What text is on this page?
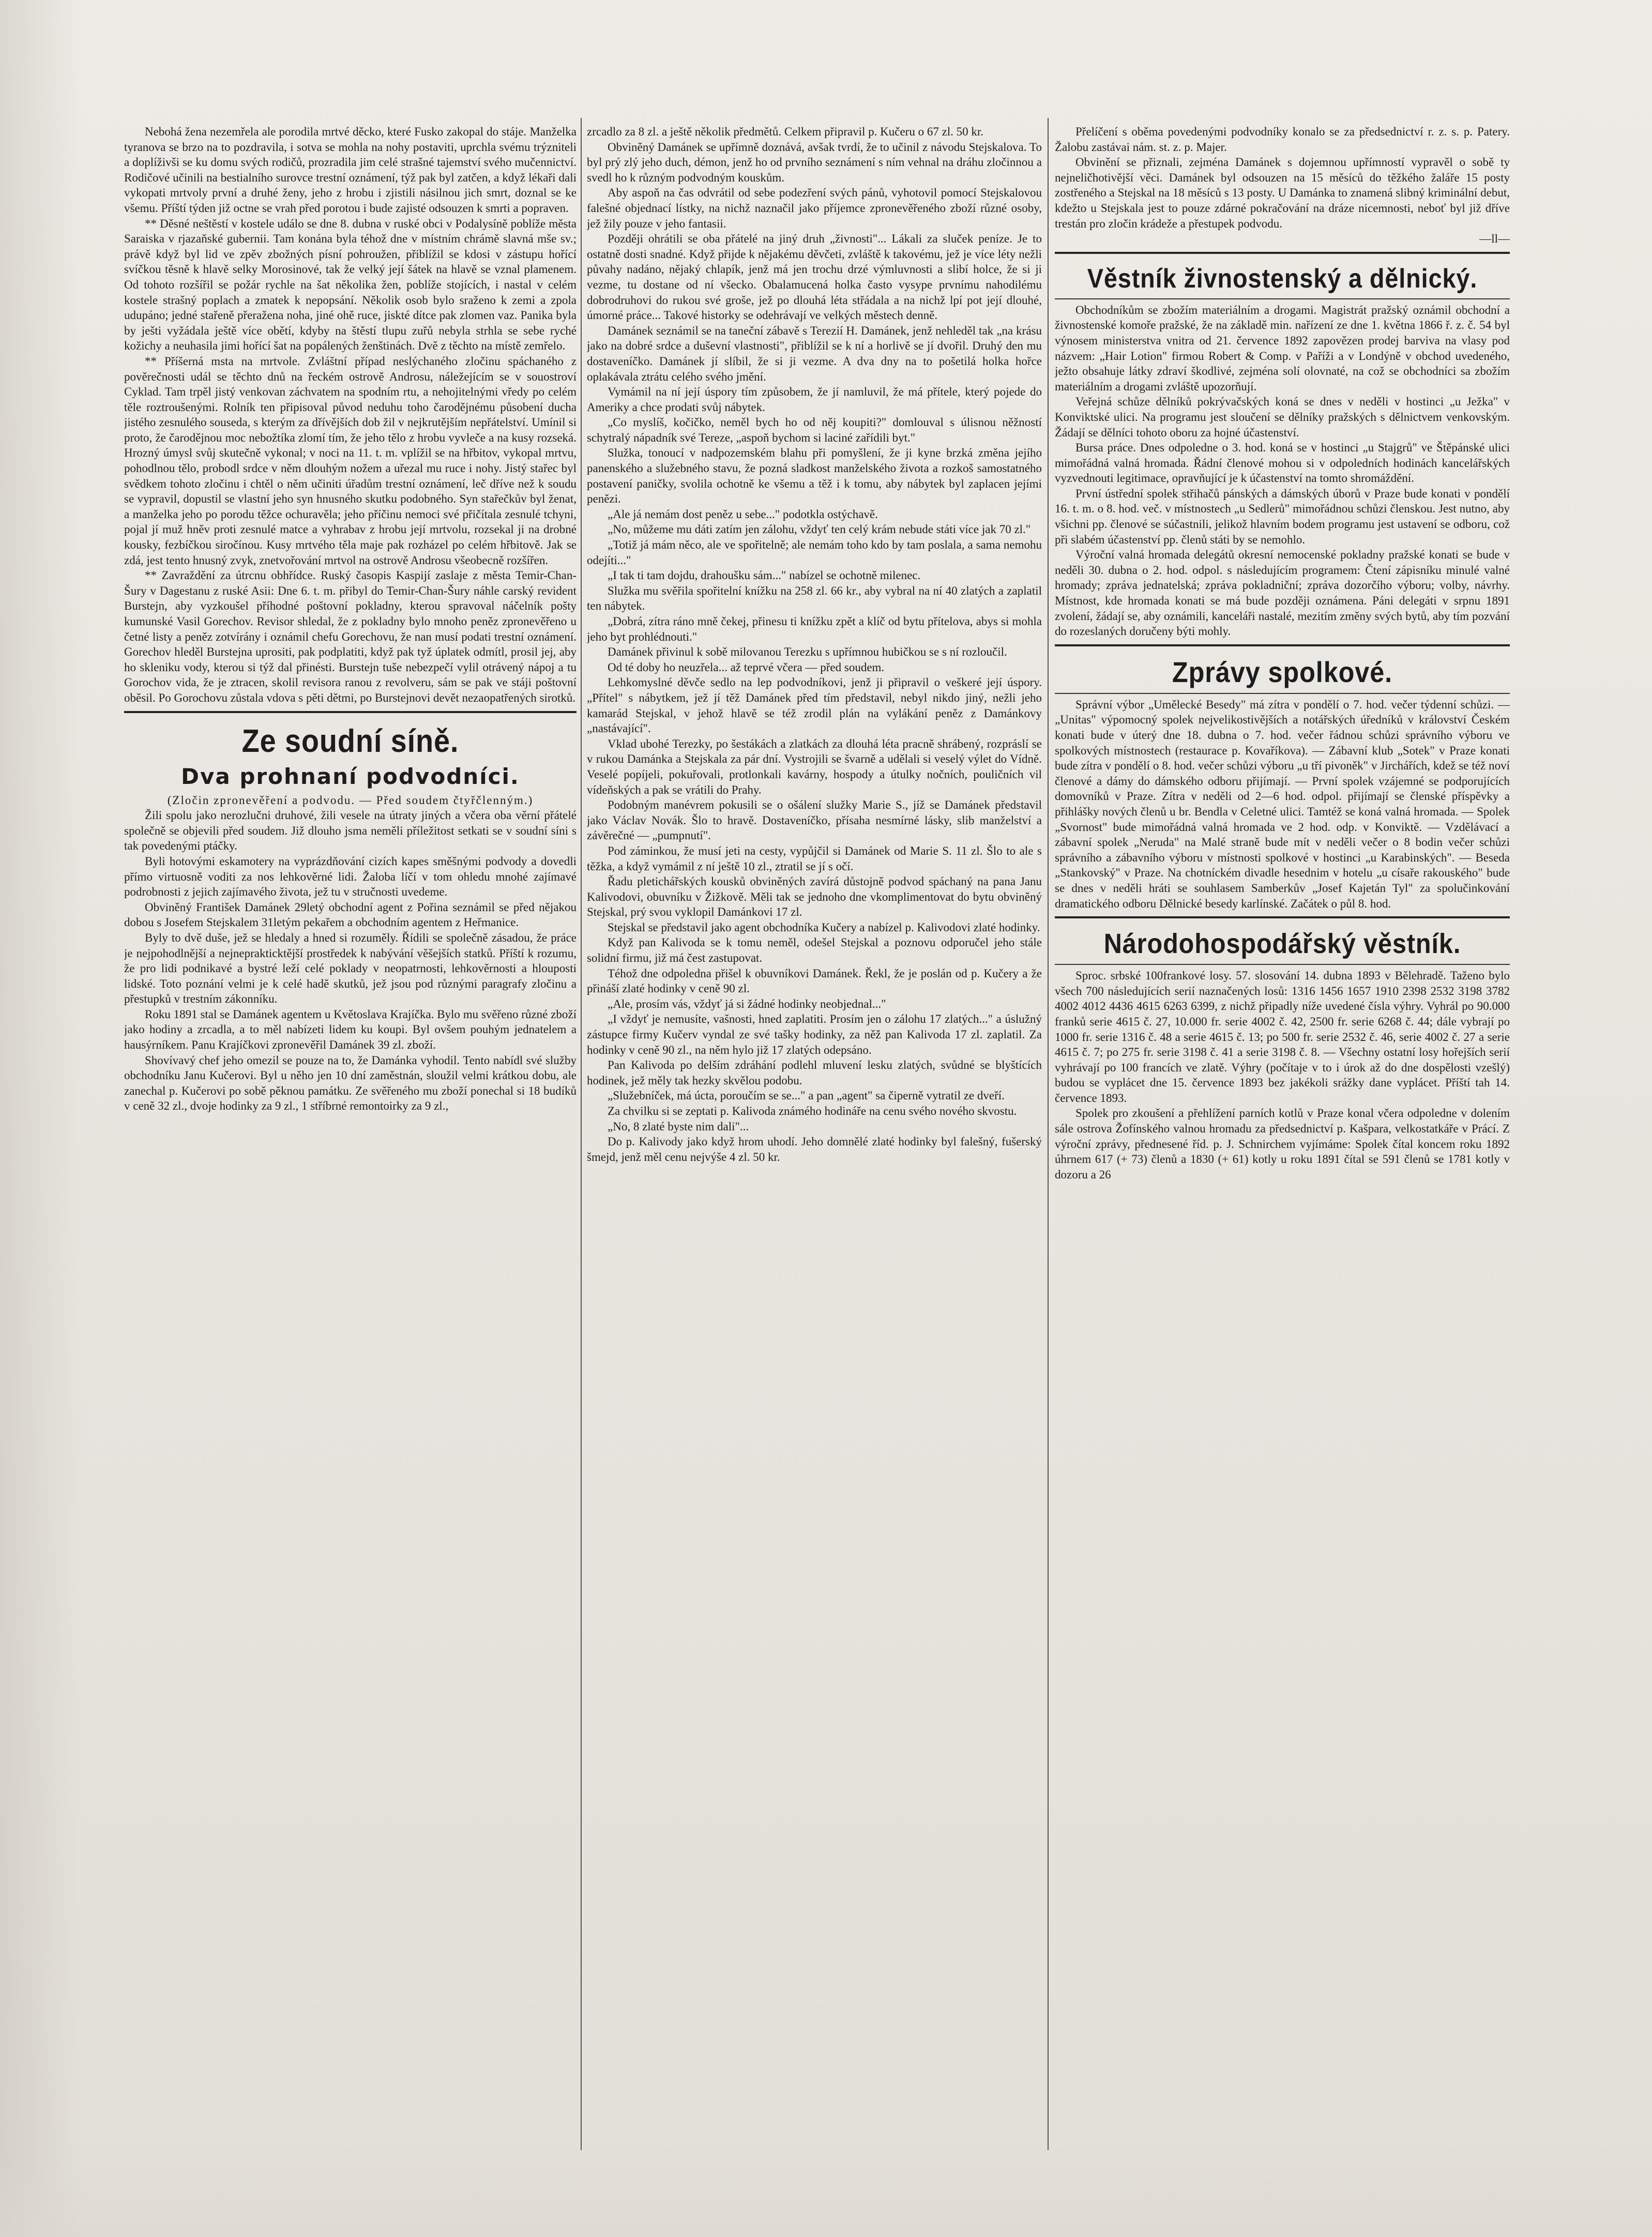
Nebohá žena nezemřela ale porodila mrtvé děcko, které Fusko zakopal do stáje. Manželka tyranova se brzo na to pozdravila, i sotva se mohla na nohy postaviti, uprchla svému trýzniteli a doplíživši se ku domu svých rodičů, prozradila jim celé strašné tajemství svého mučennictví. Rodičové učinili na bestialního surovce trestní oznámení, týž pak byl zatčen, a když lékaři dali vykopati mrtvoly první a druhé ženy, jeho z hrobu i zjistili násilnou jich smrt, doznal se ke všemu. Příští týden již octne se vrah před porotou i bude zajisté odsouzen k smrti a popraven.

** Děsné neštěstí v kostele událo se dne 8. dubna v ruské obci v Podalysíně poblíže města Saraiska v rjazaňské gubernii. Tam konána byla téhož dne v místním chrámě slavná mše sv.; právě když byl lid ve zpěv zbožných písní pohroužen, přiblížil se kdosi v zástupu hořící svíčkou těsně k hlavě selky Morosinové, tak že velký její šátek na hlavě se vznal plamenem. Od tohoto rozšířil se požár rychle na šat několika žen, poblíže stojících, i nastal v celém kostele strašný poplach a zmatek k nepopsání. Několik osob bylo sraženo k zemi a zpola udupáno; jedné stařeně přeražena noha, jiné ohě ruce, jiskté dítce pak zlomen vaz. Panika byla by ješti vyžádala ještě více obětí, kdyby na štěstí tlupu zuřů nebyla strhla se sebe ryché kožichy a neuhasila jimi hořící šat na popálených ženštinách. Dvě z těchto na místě zemřelo.

** Příšerná msta na mrtvole. Zvláštní případ neslýchaného zločinu spáchaného z pověrečnosti udál se těchto dnů na řeckém ostrově Androsu, náležejícím se v souostroví Cyklad. Tam trpěl jistý venkovan záchvatem na spodním rtu, a nehojitelnými vředy po celém těle roztroušenými. Rolník ten připisoval původ neduhu toho čarodějnému působení ducha jistého zesnulého souseda, s kterým za dřívějších dob žil v nejkrutějším nepřátelství. Umínil si proto, že čarodějnou moc nebožtíka zlomí tím, že jeho tělo z hrobu vyvleče a na kusy rozseká. Hrozný úmysl svůj skutečně vykonal; v noci na 11. t. m. vplížil se na hřbitov, vykopal mrtvu, pohodlnou tělo, probodl srdce v něm dlouhým nožem a uřezal mu ruce i nohy. Jistý stařec byl svědkem tohoto zločinu i chtěl o něm učiniti úřadům trestní oznámení, leč dříve než k soudu se vypravil, dopustil se vlastní jeho syn hnusného skutku podobného. Syn stařečkův byl ženat, a manželka jeho po porodu těžce ochuravěla; jeho příčinu nemoci své přičítala zesnulé tchyni, pojal jí muž hněv proti zesnulé matce a vyhrabav z hrobu její mrtvolu, rozsekal ji na drobné kousky, fezbíčkou siročínou. Kusy mrtvého těla maje pak rozházel po celém hřbitově. Jak se zdá, jest tento hnusný zvyk, znetvořování mrtvol na ostrově Androsu všeobecně rozšířen.

** Zavraždění za útrcnu obhřídce. Ruský časopis Kaspijí zaslaje z města Temir-Chan-Šury v Dagestanu z ruské Asii: Dne 6. t. m. přibyl do Temir-Chan-Šury náhle carský revident Burstejn, aby vyzkoušel příhodné poštovní pokladny, kterou spravoval náčelník pošty kumunské Vasil Gorechov. Revisor shledal, že z pokladny bylo mnoho peněz zpronevěřeno u četné listy a peněz zotvírány i oznámil chefu Gorechovu, že nan musí podati trestní oznámení. Gorechov hleděl Burstejna uprositi, pak podplatiti, když pak tyž úplatek odmítl, prosil jej, aby ho skleniku vody, kterou si týž dal přinésti. Burstejn tuše nebezpečí vylil otrávený nápoj a tu Gorochov vida, že je ztracen, skolil revisora ranou z revolveru, sám se pak ve stáji poštovní oběsil. Po Gorochovu zůstala vdova s pěti dětmi, po Burstejnovi devět nezaopatřených sirotků.

Ze soudní síně.
Dva prohnaní podvodníci.
(Zločin zpronevěření a podvodu. — Před soudem čtyřčlenným.)

Žili spolu jako nerozlučni druhové, žili vesele na útraty jiných a včera oba věrní přátelé společně se objevili před soudem. Již dlouho jsma neměli příležitost setkati se v soudní síni s tak povedenými ptáčky.

Byli hotovými eskamotery na vyprázdňování cizích kapes směšnými podvody a dovedli přímo virtuosně voditi za nos lehkověrné lidi. Žaloba líčí v tom ohledu mnohé zajímavé podrobnosti z jejich zajímavého života, jež tu v stručnosti uvedeme.

Obviněný František Damánek 29letý obchodní agent z Pořina seznámil se před nějakou dobou s Josefem Stejskalem 31letým pekařem a obchodním agentem z Heřmanice.

Byly to dvě duše, jež se hledaly a hned si rozuměly. Řídili se společně zásadou, že práce je nejpohodlnější a nejneprakticktější prostředek k nabývání věšejších statků. Příští k rozumu, že pro lidi podnikavé a bystré leží celé poklady v neopatrnosti, lehkověrnosti a hlouposti lidské. Toto poznání velmi je k celé hadě skutků, jež jsou pod různými paragrafy zločinu a přestupků v trestním zákonníku.

Roku 1891 stal se Damánek agentem u Květoslava Krajíčka. Bylo mu svěřeno různé zboží jako hodiny a zrcadla, a to měl nabízeti lidem ku koupi. Byl ovšem pouhým jednatelem a hausýrníkem. Panu Krajíčkovi zpronevěřil Damánek 39 zl. zboží.

Shovívavý chef jeho omezil se pouze na to, že Damánka vyhodil. Tento nabídl své služby obchodníku Janu Kučerovi. Byl u něho jen 10 dní zaměstnán, sloužil velmi krátkou dobu, ale zanechal p. Kučerovi po sobě pěknou památku. Ze svěřeného mu zboží ponechal si 18 budíků v ceně 32 zl., dvoje hodinky za 9 zl., 1 stříbrné remontoirky za 9 zl.,

zrcadlo za 8 zl. a ještě několik předmětů. Celkem připravil p. Kučeru o 67 zl. 50 kr.

Obviněný Damánek se upřímně doznává, avšak tvrdí, že to učinil z návodu Stejskalova. To byl prý zlý jeho duch, démon, jenž ho od prvního seznámení s ním vehnal na dráhu zločinnou a svedl ho k různým podvodným kouskům.

Aby aspoň na čas odvrátil od sebe podezření svých pánů, vyhotovil pomocí Stejskalovou falešné objednací lístky, na nichž naznačil jako příjemce zpronevěřeného zboží různé osoby, jež žily pouze v jeho fantasii.

Později ohrátili se oba přátelé na jiný druh „živnosti"... Lákali za sluček peníze. Je to ostatně dosti snadné. Když přijde k nějakému děvčeti, zvláště k takovému, jež je více léty nežli půvahy nadáno, nějaký chlapík, jenž má jen trochu drzé výmluvnosti a slibí holce, že si ji vezme, tu dostane od ní všecko. Obalamucená holka často vysype prvnímu nahodilému dobrodruhovi do rukou své groše, jež po dlouhá léta střádala a na nichž lpí pot její dlouhé, úmorné práce... Takové historky se odehrávají ve velkých městech denně.

Damánek seznámil se na taneční zábavě s Terezií H. Damánek, jenž nehleděl tak „na krásu jako na dobré srdce a duševní vlastnosti", přiblížil se k ní a horlivě se jí dvořil. Druhý den mu dostaveníčko. Damánek jí slíbil, že si ji vezme. A dva dny na to pošetilá holka hořce oplakávala ztrátu celého svého jmění.

Vymámil na ní její úspory tím způsobem, že jí namluvil, že má přítele, který pojede do Ameriky a chce prodati svůj nábytek.

„Co myslíš, kočičko, neměl bych ho od něj koupiti?" domlouval s úlisnou něžností schytralý nápadník své Tereze, „aspoň bychom si laciné zařídili byt."

Služka, tonoucí v nadpozemském blahu při pomyšlení, že ji kyne brzká změna jejího panenského a služebného stavu, že pozná sladkost manželského života a rozkoš samostatného postavení paničky, svolila ochotně ke všemu a těž i k tomu, aby nábytek byl zaplacen jejími penězi.

„Ale já nemám dost peněz u sebe..." podotkla ostýchavě.

„No, můžeme mu dáti zatím jen zálohu, vždyť ten celý krám nebude státi více jak 70 zl."

„Totiž já mám něco, ale ve spořitelně; ale nemám toho kdo by tam poslala, a sama nemohu odejíti..."

„I tak ti tam dojdu, drahoušku sám..." nabízel se ochotně milenec.

Služka mu svěřila spořitelní knížku na 258 zl. 66 kr., aby vybral na ní 40 zlatých a zaplatil ten nábytek.

„Dobrá, zítra ráno mně čekej, přinesu ti knížku zpět a klíč od bytu přítelova, abys si mohla jeho byt prohlédnouti."

Damánek přivinul k sobě milovanou Terezku s upřímnou hubičkou se s ní rozloučil.

Od té doby ho neuzřela... až teprvé včera — před soudem.

Lehkomyslné děvče sedlo na lep podvodníkovi, jenž ji připravil o veškeré její úspory. „Přítel" s nábytkem, jež jí těž Damánek před tím představil, nebyl nikdo jiný, nežli jeho kamarád Stejskal, v jehož hlavě se též zrodil plán na vylákání peněz z Damánkovy „nastávající".

Vklad ubohé Terezky, po šestákách a zlatkách za dlouhá léta pracně shrábený, rozpráslí se v rukou Damánka a Stejskala za pár dní. Vystrojili se švarně a udělali si veselý výlet do Vídně. Veselé popíjeli, pokuřovali, protlonkali kavárny, hospody a útulky nočních, pouličních vil vídeňských a pak se vrátili do Prahy.

Podobným manévrem pokusili se o ošálení služky Marie S., jíž se Damánek představil jako Václav Novák. Šlo to hravě. Dostaveníčko, přísaha nesmírné lásky, slib manželství a závěrečné — „pumpnutí".

Pod záminkou, že musí jeti na cesty, vypůjčil si Damánek od Marie S. 11 zl. Šlo to ale s těžka, a když vymámil z ní ještě 10 zl., ztratil se jí s očí.

Řadu pletichářských kousků obviněných zavírá důstojně podvod spáchaný na pana Janu Kalivodovi, obuvníku v Žižkově. Měli tak se jednoho dne vkomplimentovat do bytu obviněný Stejskal, prý svou vyklopil Damánkovi 17 zl.

Stejskal se představil jako agent obchodníka Kučery a nabízel p. Kalivodovi zlaté hodinky.

Když pan Kalivoda se k tomu neměl, odešel Stejskal a poznovu odporučel jeho stále solidní firmu, již má čest zastupovat.

Téhož dne odpoledna přišel k obuvníkovi Damánek. Řekl, že je poslán od p. Kučery a že přináší zlaté hodinky v ceně 90 zl.

„Ale, prosím vás, vždyť já si žádné hodinky neobjednal..."

„I vždyť je nemusíte, vašnosti, hned zaplatiti. Prosím jen o zálohu 17 zlatých..." a úslužný zástupce firmy Kučerv vyndal ze své tašky hodinky, za něž pan Kalivoda 17 zl. zaplatil. Za hodinky v ceně 90 zl., na něm hylo již 17 zlatých odepsáno.

Pan Kalivoda po delším zdráhání podlehl mluvení lesku zlatých, svůdné se blyštících hodinek, jež měly tak hezky skvělou podobu.

„Služebníček, má úcta, poroučím se se..." a pan „agent" sa čiperně vytratil ze dveří.

Za chvilku si se zeptati p. Kalivoda známého hodináře na cenu svého nového skvostu.

„No, 8 zlaté byste nim dali"...

Do p. Kalivody jako když hrom uhodí. Jeho domnělé zlaté hodinky byl falešný, fušerský šmejd, jenž měl cenu nejvýše 4 zl. 50 kr.

Přelíčení s oběma povedenými podvodníky konalo se za předsednictví r. z. s. p. Patery. Žalobu zastávai nám. st. z. p. Majer.

Obvinění se přiznali, zejména Damánek s dojemnou upřímností vypravěl o sobě ty nejneličhotivější věci. Damánek byl odsouzen na 15 měsíců do těžkého žaláře 15 posty zostřeného a Stejskal na 18 měsíců s 13 posty. U Damánka to znamená slibný kriminální debut, kdežto u Stejskala jest to pouze zdárné pokračování na dráze nicemnosti, neboť byl již dříve trestán pro zločin krádeže a přestupek podvodu.

—ll—
Věstník živnostenský a dělnický.

Obchodníkům se zbožím materiálním a drogami. Magistrát pražský oznámil obchodní a živnostenské komoře pražské, že na základě min. nařízení ze dne 1. května 1866 ř. z. č. 54 byl výnosem ministerstva vnitra od 21. července 1892 zapovězen prodej barviva na vlasy pod názvem: „Hair Lotion" firmou Robert & Comp. v Paříži a v Londýně v obchod uvedeného, ježto obsahuje látky zdraví škodlivé, zejména solí olovnaté, na což se obchodníci sa zbožím materiálním a drogami zvláště upozorňují.

Veřejná schůze dělníků pokrývačských koná se dnes v neděli v hostinci „u Ježka" v Konviktské ulici. Na programu jest sloučení se dělníky pražských s dělnictvem venkovským. Žádají se dělníci tohoto oboru za hojné účastenství.

Bursa práce. Dnes odpoledne o 3. hod. koná se v hostinci „u Stajgrů" ve Štěpánské ulici mimořádná valná hromada. Řádní členové mohou si v odpoledních hodinách kancelářských vyzvednouti legitimace, opravňující je k účastenství na tomto shromáždění.

První ústřední spolek střihačů pánských a dámských úborů v Praze bude konati v pondělí 16. t. m. o 8. hod. več. v místnostech „u Sedlerů" mimořádnou schůzi členskou. Jest nutno, aby všichni pp. členové se súčastnili, jelikož hlavním bodem programu jest ustavení se odboru, což při slabém účastenství pp. členů státi by se nemohlo.

Výroční valná hromada delegátů okresní nemocenské pokladny pražské konati se bude v neděli 30. dubna o 2. hod. odpol. s následujícím programem: Čtení zápisníku minulé valné hromady; zpráva jednatelská; zpráva pokladniční; zpráva dozorčího výboru; volby, návrhy. Místnost, kde hromada konati se má bude později oznámena. Páni delegáti v srpnu 1891 zvolení, žádají se, aby oznámili, kanceláři nastalé, mezitím změny svých bytů, aby tím pozvání do rozeslaných doručeny býti mohly.

Zprávy spolkové.

Správní výbor „Umělecké Besedy" má zítra v pondělí o 7. hod. večer týdenní schůzi. — „Unitas" výpomocný spolek nejvelikostivějších a notářských úředníků v království Českém konati bude v úterý dne 18. dubna o 7. hod. večer řádnou schůzi správního výboru ve spolkových místnostech (restaurace p. Kovaříkova). — Zábavní klub „Sotek" v Praze konati bude zítra v pondělí o 8. hod. večer schůzi výboru „u tří pivoněk" v Jirchářích, kdež se též noví členové a dámy do dámského odboru přijímají. — První spolek vzájemné se podporujících domovníků v Praze. Zítra v neděli od 2—6 hod. odpol. přijímají se členské příspěvky a přihlášky nových členů u br. Bendla v Celetné ulici. Tamtéž se koná valná hromada. — Spolek „Svornost" bude mimořádná valná hromada ve 2 hod. odp. v Konviktě. — Vzdělávací a zábavní spolek „Neruda" na Malé straně bude mít v neděli večer o 8 bodin večer schůzi správního a zábavního výboru v místnosti spolkové v hostinci „u Karabinských". — Beseda „Stankovský" v Praze. Na chotníckém divadle hesednim v hotelu „u císaře rakouského" bude se dnes v neděli hráti se souhlasem Samberkův „Josef Kajetán Tyl" za spolučinkování dramatického odboru Dělnické besedy karlínské. Začátek o půl 8. hod.

Národohospodářský věstník.

Sproc. srbské 100frankové losy. 57. slosování 14. dubna 1893 v Bělehradě. Taženo bylo všech 700 následujících serií naznačených losů: 1316 1456 1657 1910 2398 2532 3198 3782 4002 4012 4436 4615 6263 6399, z nichž připadly níže uvedené čísla výhry. Vyhrál po 90.000 franků serie 4615 č. 27, 10.000 fr. serie 4002 č. 42, 2500 fr. serie 6268 č. 44; dále vybrají po 1000 fr. serie 1316 č. 48 a serie 4615 č. 13; po 500 fr. serie 2532 č. 46, serie 4002 č. 27 a serie 4615 č. 7; po 275 fr. serie 3198 č. 41 a serie 3198 č. 8. — Všechny ostatní losy hořejších serií vyhrávají po 100 francích ve zlatě. Výhry (počítaje v to i úrok až do dne dospělosti vzešlý) budou se vyplácet dne 15. července 1893 bez jakékoli srážky dane vyplácet. Příští tah 14. července 1893.

Spolek pro zkoušení a přehlížení parních kotlů v Praze konal včera odpoledne v dolením sále ostrova Žofínského valnou hromadu za předsednictví p. Kašpara, velkostatkáře v Prácí. Z výroční zprávy, přednesené říd. p. J. Schnirchem vyjímáme: Spolek čítal koncem roku 1892 úhrnem 617 (+ 73) členů a 1830 (+ 61) kotly u roku 1891 čítal se 591 členů se 1781 kotly v dozoru a 26
